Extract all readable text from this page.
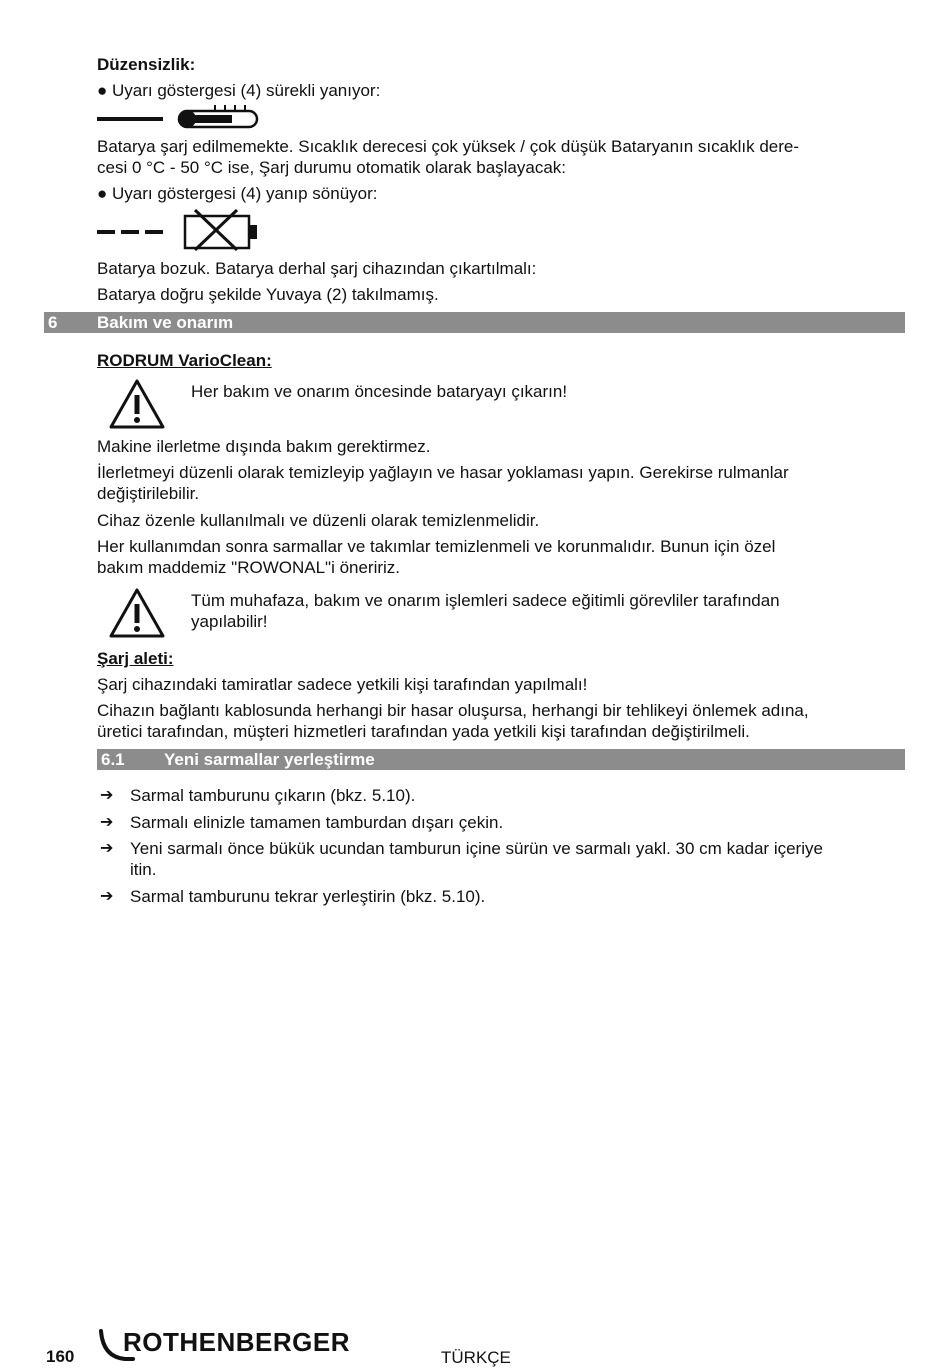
Düzensizlik:
● Uyarı göstergesi (4) sürekli yanıyor:
Batarya şarj edilmemekte. Sıcaklık derecesi çok yüksek / çok düşük Bataryanın sıcaklık dere-
cesi 0 °C - 50 °C ise, Şarj durumu otomatik olarak başlayacak:
● Uyarı göstergesi (4) yanıp sönüyor:
Batarya bozuk. Batarya derhal şarj cihazından çıkartılmalı:
Batarya doğru şekilde Yuvaya (2) takılmamış.
6 Bakım ve onarım
RODRUM VarioClean:
Her bakım ve onarım öncesinde bataryayı çıkarın!
Makine ilerletme dışında bakım gerektirmez.
İlerletmeyi düzenli olarak temizleyip yağlayın ve hasar yoklaması yapın. Gerekirse rulmanlar
değiştirilebilir.
Cihaz özenle kullanılmalı ve düzenli olarak temizlenmelidir.
Her kullanımdan sonra sarmallar ve takımlar temizlenmeli ve korunmalıdır. Bunun için özel
bakım maddemiz "ROWONAL"i öneririz.
Tüm muhafaza, bakım ve onarım işlemleri sadece eğitimli görevliler tarafından
yapılabilir!
Şarj aleti:
Şarj cihazındaki tamiratlar sadece yetkili kişi tarafından yapılmalı!
Cihazın bağlantı kablosunda herhangi bir hasar oluşursa, herhangi bir tehlikeyi önlemek adına,
üretici tarafından, müşteri hizmetleri tarafından yada yetkili kişi tarafından değiştirilmeli.
6.1 Yeni sarmallar yerleştirme
➔ Sarmal tamburunu çıkarın (bkz. 5.10).
➔ Sarmalı elinizle tamamen tamburdan dışarı çekin.
➔ Yeni sarmalı önce bükük ucundan tamburun içine sürün ve sarmalı yakl. 30 cm kadar içeriye
itin.
➔ Sarmal tamburunu tekrar yerleştirin (bkz. 5.10).
160 ROTHENBERGER
TÜRKÇE
